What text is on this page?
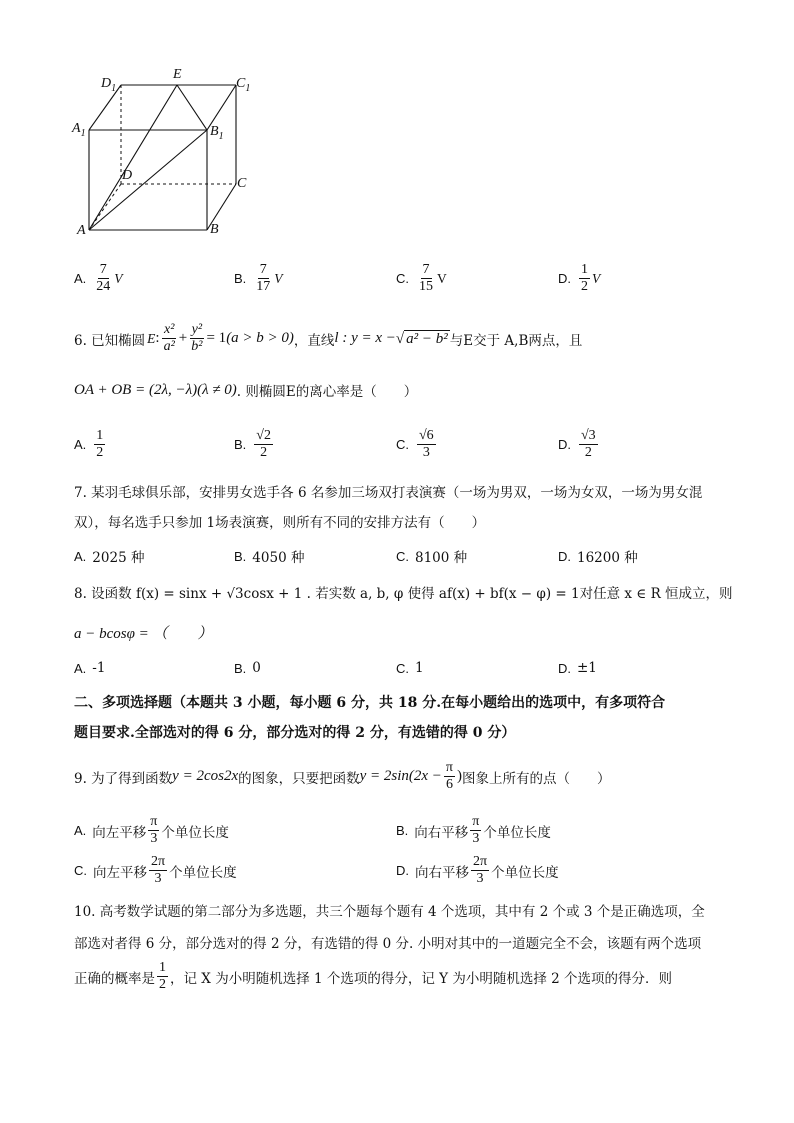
$D_1$
E
$C_1$
$A_1$	$B_1$
D
C
A	B
A. $\frac{7}{24}$ V	B. $\frac{7}{17}$ V	C. $\frac{7}{15}$ V	D. $\frac{1}{2}$ V
6. 已知椭圆 E : $\frac{\text{x²}}{\text{a²}} + \frac{\text{y²}}{\text{b²}} = 1$ (a > b > 0) ，直线 l : y = x − √ a² − b² 与E交于 A,B两点，且
OA + OB = (2λ, −λ)(λ ≠ 0) . 则椭圆E的离心率是（　　）
A. $\frac{1}{2}$	B. $\frac{√2}{2}$	C. $\frac{√6}{3}$	D. $\frac{√3}{2}$
7. 某羽毛球俱乐部，安排男女选手各 6 名参加三场双打表演赛（一场为男双，一场为女双，一场为男女混双），每名选手只参加 1场表演赛，则所有不同的安排方法有（　　）
A. 2025 种	B. 4050 种	C. 8100 种	D. 16200 种
8. 设函数 f(x) = sinx + √3cosx + 1 . 若实数 a, b, φ 使得 af(x) + bf(x − φ) = 1对任意 x ∈ R 恒成立，则
a − bcosφ = （　　）
A. -1	B. 0	C. 1	D. ±1
二、多项选择题（本题共 3 小题，每小题 6 分，共 18 分.在每小题给出的选项中，有多项符合
题目要求.全部选对的得 6 分，部分选对的得 2 分，有选错的得 0 分）
9. 为了得到函数 y = 2cos2x 的图象，只要把函数 $y = 2\sin(2x - \frac{\pi}{6}$ ) 图象上所有的点（　　）
A. 向左平移 $\frac{\pi}{3}$ 个单位长度	B. 向右平移 $\frac{\pi}{3}$ 个单位长度
C. 向左平移 $\frac{2\pi}{3}$ 个单位长度	D. 向右平移 $\frac{2\pi}{3}$ 个单位长度
10. 高考数学试题的第二部分为多选题，共三个题每个题有 4 个选项，其中有 2 个或 3 个是正确选项，全
部选对者得 6 分，部分选对的得 2 分，有选错的得 0 分. 小明对其中的一道题完全不会，该题有两个选项
正确的概率是 $\frac{1}{2}$ ，记 X 为小明随机选择 1 个选项的得分，记 Y 为小明随机选择 2 个选项的得分．则
